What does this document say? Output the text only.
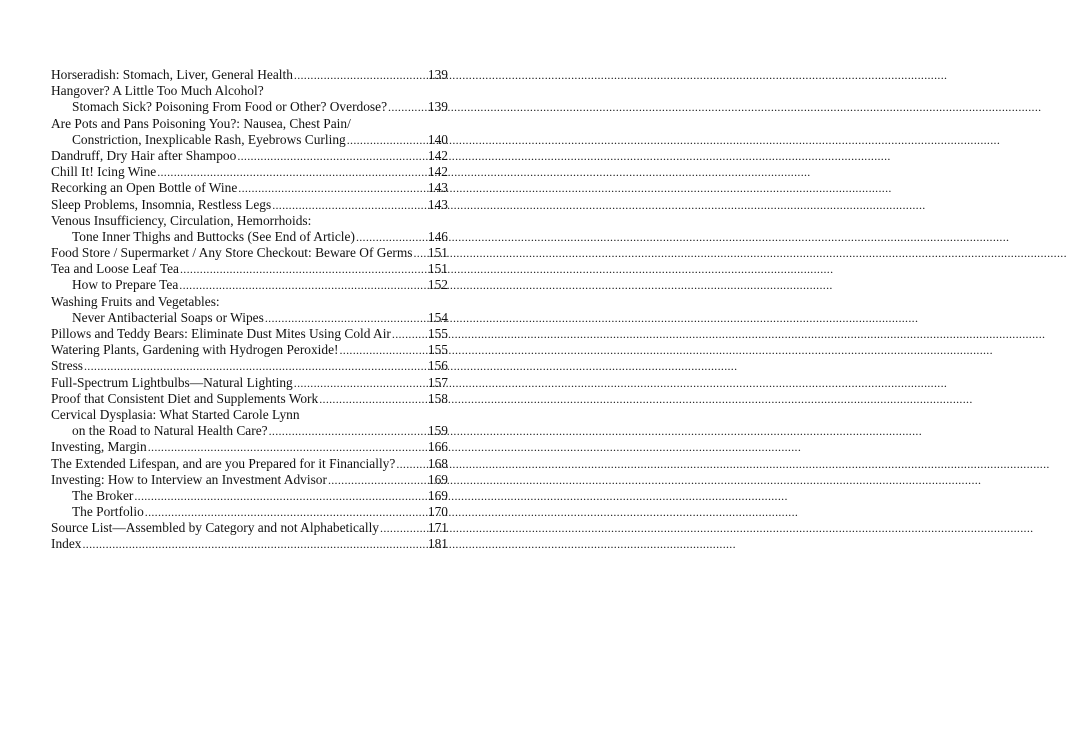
Horseradish: Stomach, Liver, General Health .....	139
Hangover? A Little Too Much Alcohol?
Stomach Sick? Poisoning From Food or Other? Overdose? .....	139
Are Pots and Pans Poisoning You?: Nausea, Chest Pain/
Constriction, Inexplicable Rash, Eyebrows Curling .....	140
Dandruff, Dry Hair after Shampoo .....	142
Chill It! Icing Wine .....	142
Recorking an Open Bottle of Wine .....	143
Sleep Problems, Insomnia, Restless Legs .....	143
Venous Insufficiency, Circulation, Hemorrhoids:
Tone Inner Thighs and Buttocks (See End of Article) .....	146
Food Store / Supermarket / Any Store Checkout: Beware Of Germs ..... 151
Tea and Loose Leaf Tea .....	151
How to Prepare Tea .....	152
Washing Fruits and Vegetables:
Never Antibacterial Soaps or Wipes .....	154
Pillows and Teddy Bears: Eliminate Dust Mites Using Cold Air .....	155
Watering Plants, Gardening with Hydrogen Peroxide! .....	155
Stress .....	156
Full-Spectrum Lightbulbs—Natural Lighting .....	157
Proof that Consistent Diet and Supplements Work .....	158
Cervical Dysplasia: What Started Carole Lynn
on the Road to Natural Health Care? .....	159
Investing, Margin .....	166
The Extended Lifespan, and are you Prepared for it Financially? ..... 168
Investing: How to Interview an Investment Advisor .....	169
The Broker .....	169
The Portfolio .....	170
Source List—Assembled by Category and not Alphabetically .....	171
Index .....	181
